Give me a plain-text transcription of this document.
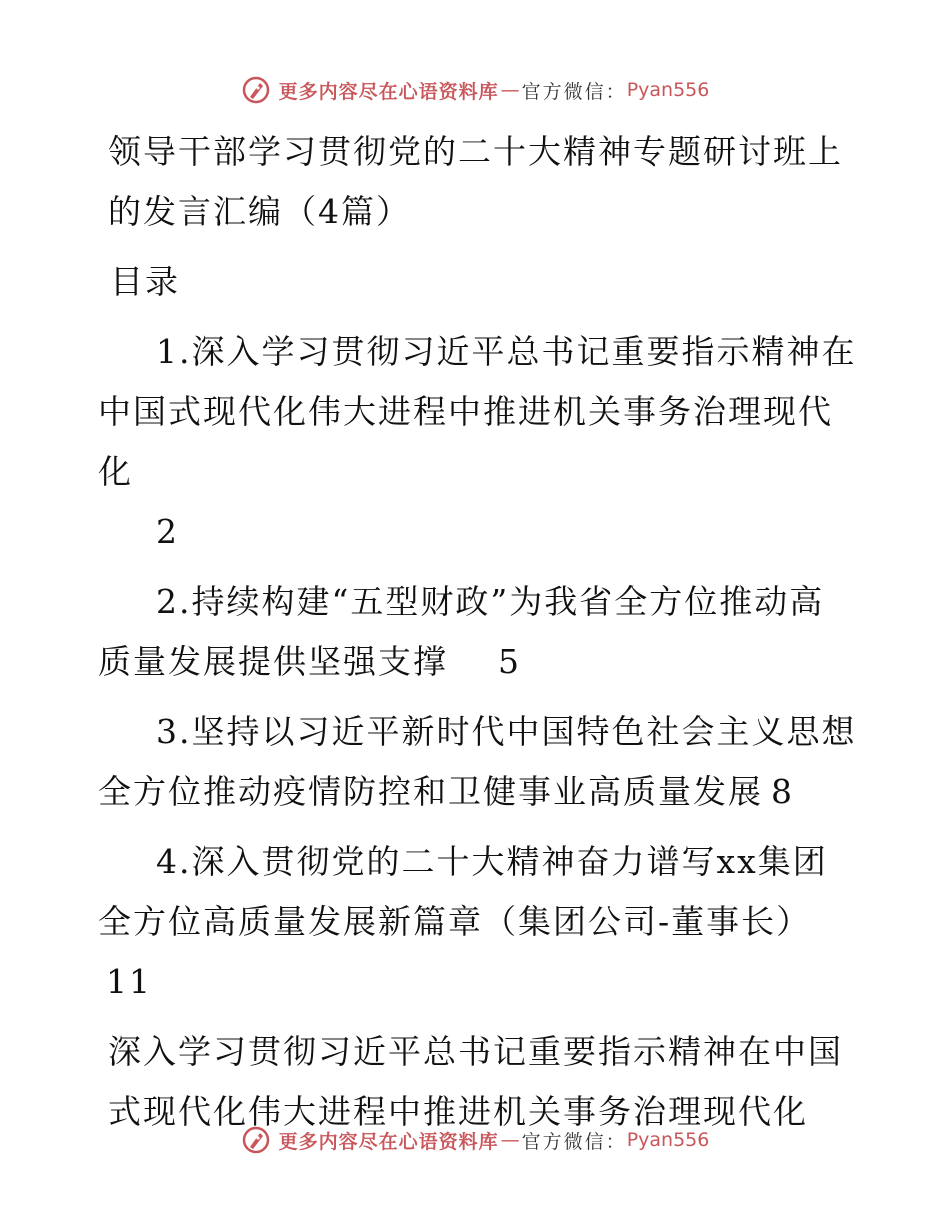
更多内容尽在心语资料库 — 官方微信： Pyan556
领导干部学习贯彻党的二十大精神专题研讨班上的发言汇编（4篇）
目录
1.深入学习贯彻习近平总书记重要指示精神在中国式现代化伟大进程中推进机关事务治理现代化
2
2.持续构建“五型财政”为我省全方位推动高质量发展提供坚强支撑 5
3.坚持以习近平新时代中国特色社会主义思想全方位推动疫情防控和卫健事业高质量发展 8
4.深入贯彻党的二十大精神奋力谱写xx集团全方位高质量发展新篇章（集团公司-董事长）11
深入学习贯彻习近平总书记重要指示精神在中国式现代化伟大进程中推进机关事务治理现代化
更多内容尽在心语资料库 — 官方微信： Pyan556
